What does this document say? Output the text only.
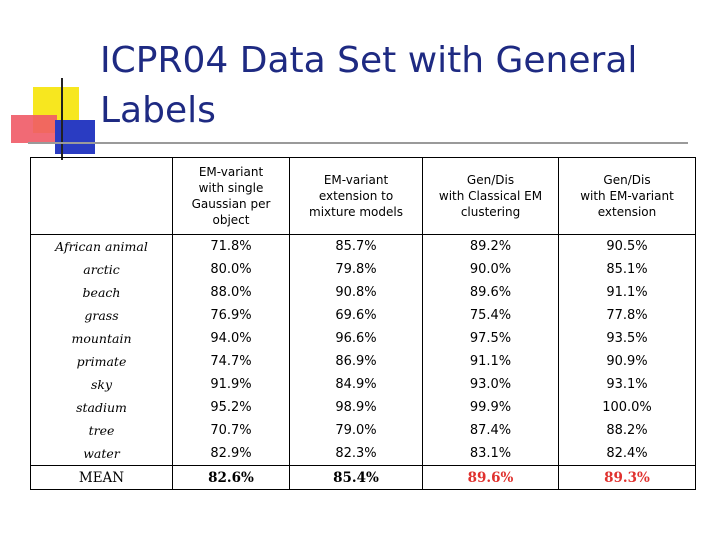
ICPR04 Data Set with General Labels

	EM-variant
with single
Gaussian per
object	EM-variant
extension to
mixture models	Gen/Dis
with Classical EM
clustering	Gen/Dis
with EM-variant
extension

African animal	71.8%	85.7%	89.2%	90.5%
arctic	80.0%	79.8%	90.0%	85.1%
beach	88.0%	90.8%	89.6%	91.1%
grass	76.9%	69.6%	75.4%	77.8%
mountain	94.0%	96.6%	97.5%	93.5%
primate	74.7%	86.9%	91.1%	90.9%
sky	91.9%	84.9%	93.0%	93.1%
stadium	95.2%	98.9%	99.9%	100.0%
tree	70.7%	79.0%	87.4%	88.2%
water	82.9%	82.3%	83.1%	82.4%
MEAN	82.6%	85.4%	89.6%	89.3%
